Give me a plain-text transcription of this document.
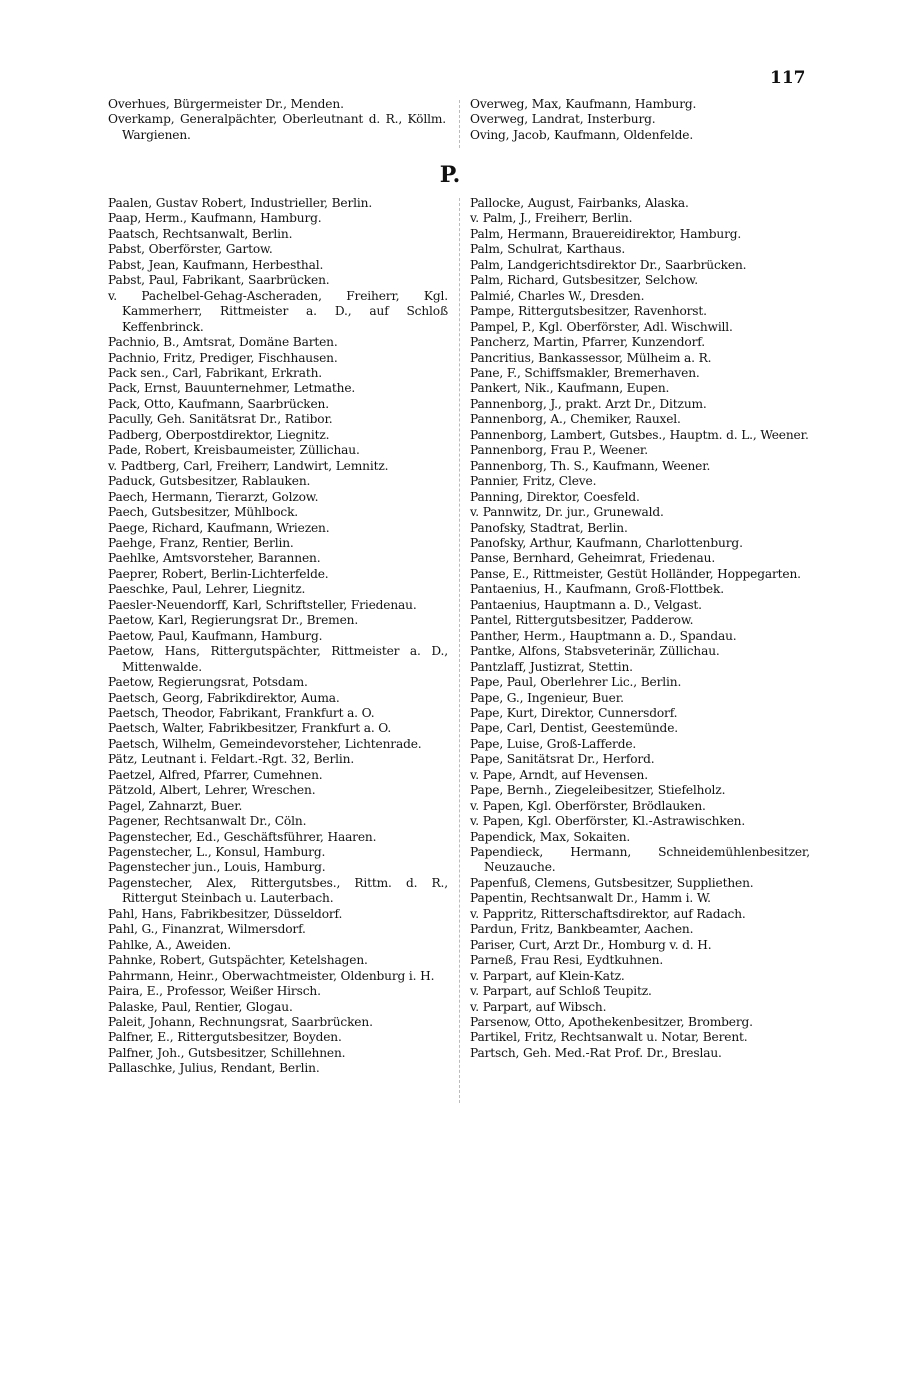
117
Overhues, Bürgermeister Dr., Menden.
Overkamp, Generalpächter, Oberleutnant d. R., Köllm. Wargienen.
Overweg, Max, Kaufmann, Hamburg.
Overweg, Landrat, Insterburg.
Oving, Jacob, Kaufmann, Oldenfelde.
P.
Paalen, Gustav Robert, Industrieller, Berlin.
Paap, Herm., Kaufmann, Hamburg.
Paatsch, Rechtsanwalt, Berlin.
Pabst, Oberförster, Gartow.
Pabst, Jean, Kaufmann, Herbesthal.
Pabst, Paul, Fabrikant, Saarbrücken.
v. Pachelbel-Gehag-Ascheraden, Freiherr, Kgl. Kammerherr, Rittmeister a. D., auf Schloß Keffenbrinck.
Pachnio, B., Amtsrat, Domäne Barten.
Pachnio, Fritz, Prediger, Fischhausen.
Pack sen., Carl, Fabrikant, Erkrath.
Pack, Ernst, Bauunternehmer, Letmathe.
Pack, Otto, Kaufmann, Saarbrücken.
Pacully, Geh. Sanitätsrat Dr., Ratibor.
Padberg, Oberpostdirektor, Liegnitz.
Pade, Robert, Kreisbaumeister, Züllichau.
v. Padtberg, Carl, Freiherr, Landwirt, Lemnitz.
Paduck, Gutsbesitzer, Rablauken.
Paech, Hermann, Tierarzt, Golzow.
Paech, Gutsbesitzer, Mühlbock.
Paege, Richard, Kaufmann, Wriezen.
Paehge, Franz, Rentier, Berlin.
Paehlke, Amtsvorsteher, Barannen.
Paeprer, Robert, Berlin-Lichterfelde.
Paeschke, Paul, Lehrer, Liegnitz.
Paesler-Neuendorff, Karl, Schriftsteller, Friedenau.
Paetow, Karl, Regierungsrat Dr., Bremen.
Paetow, Paul, Kaufmann, Hamburg.
Paetow, Hans, Rittergutspächter, Rittmeister a. D., Mittenwalde.
Paetow, Regierungsrat, Potsdam.
Paetsch, Georg, Fabrikdirektor, Auma.
Paetsch, Theodor, Fabrikant, Frankfurt a. O.
Paetsch, Walter, Fabrikbesitzer, Frankfurt a. O.
Paetsch, Wilhelm, Gemeindevorsteher, Lichtenrade.
Pätz, Leutnant i. Feldart.-Rgt. 32, Berlin.
Paetzel, Alfred, Pfarrer, Cumehnen.
Pätzold, Albert, Lehrer, Wreschen.
Pagel, Zahnarzt, Buer.
Pagener, Rechtsanwalt Dr., Cöln.
Pagenstecher, Ed., Geschäftsführer, Haaren.
Pagenstecher, L., Konsul, Hamburg.
Pagenstecher jun., Louis, Hamburg.
Pagenstecher, Alex, Rittergutsbes., Rittm. d. R., Rittergut Steinbach u. Lauterbach.
Pahl, Hans, Fabrikbesitzer, Düsseldorf.
Pahl, G., Finanzrat, Wilmersdorf.
Pahlke, A., Aweiden.
Pahnke, Robert, Gutspächter, Ketelshagen.
Pahrmann, Heinr., Oberwachtmeister, Oldenburg i. H.
Paira, E., Professor, Weißer Hirsch.
Palaske, Paul, Rentier, Glogau.
Paleit, Johann, Rechnungsrat, Saarbrücken.
Palfner, E., Rittergutsbesitzer, Boyden.
Palfner, Joh., Gutsbesitzer, Schillehnen.
Pallaschke, Julius, Rendant, Berlin.
Pallocke, August, Fairbanks, Alaska.
v. Palm, J., Freiherr, Berlin.
Palm, Hermann, Brauereidirektor, Hamburg.
Palm, Schulrat, Karthaus.
Palm, Landgerichtsdirektor Dr., Saarbrücken.
Palm, Richard, Gutsbesitzer, Selchow.
Palmié, Charles W., Dresden.
Pampe, Rittergutsbesitzer, Ravenhorst.
Pampel, P., Kgl. Oberförster, Adl. Wischwill.
Pancherz, Martin, Pfarrer, Kunzendorf.
Pancritius, Bankassessor, Mülheim a. R.
Pane, F., Schiffsmakler, Bremerhaven.
Pankert, Nik., Kaufmann, Eupen.
Pannenborg, J., prakt. Arzt Dr., Ditzum.
Pannenborg, A., Chemiker, Rauxel.
Pannenborg, Lambert, Gutsbes., Hauptm. d. L., Weener.
Pannenborg, Frau P., Weener.
Pannenborg, Th. S., Kaufmann, Weener.
Pannier, Fritz, Cleve.
Panning, Direktor, Coesfeld.
v. Pannwitz, Dr. jur., Grunewald.
Panofsky, Stadtrat, Berlin.
Panofsky, Arthur, Kaufmann, Charlottenburg.
Panse, Bernhard, Geheimrat, Friedenau.
Panse, E., Rittmeister, Gestüt Holländer, Hoppegarten.
Pantaenius, H., Kaufmann, Groß-Flottbek.
Pantaenius, Hauptmann a. D., Velgast.
Pantel, Rittergutsbesitzer, Padderow.
Panther, Herm., Hauptmann a. D., Spandau.
Pantke, Alfons, Stabsveterinär, Züllichau.
Pantzlaff, Justizrat, Stettin.
Pape, Paul, Oberlehrer Lic., Berlin.
Pape, G., Ingenieur, Buer.
Pape, Kurt, Direktor, Cunnersdorf.
Pape, Carl, Dentist, Geestemünde.
Pape, Luise, Groß-Lafferde.
Pape, Sanitätsrat Dr., Herford.
v. Pape, Arndt, auf Hevensen.
Pape, Bernh., Ziegeleibesitzer, Stiefelholz.
v. Papen, Kgl. Oberförster, Brödlauken.
v. Papen, Kgl. Oberförster, Kl.-Astrawischken.
Papendick, Max, Sokaiten.
Papendieck, Hermann, Schneidemühlenbesitzer, Neuzauche.
Papenfuß, Clemens, Gutsbesitzer, Suppliethen.
Papentin, Rechtsanwalt Dr., Hamm i. W.
v. Pappritz, Ritterschaftsdirektor, auf Radach.
Pardun, Fritz, Bankbeamter, Aachen.
Pariser, Curt, Arzt Dr., Homburg v. d. H.
Parneß, Frau Resi, Eydtkuhnen.
v. Parpart, auf Klein-Katz.
v. Parpart, auf Schloß Teupitz.
v. Parpart, auf Wibsch.
Parsenow, Otto, Apothekenbesitzer, Bromberg.
Partikel, Fritz, Rechtsanwalt u. Notar, Berent.
Partsch, Geh. Med.-Rat Prof. Dr., Breslau.
